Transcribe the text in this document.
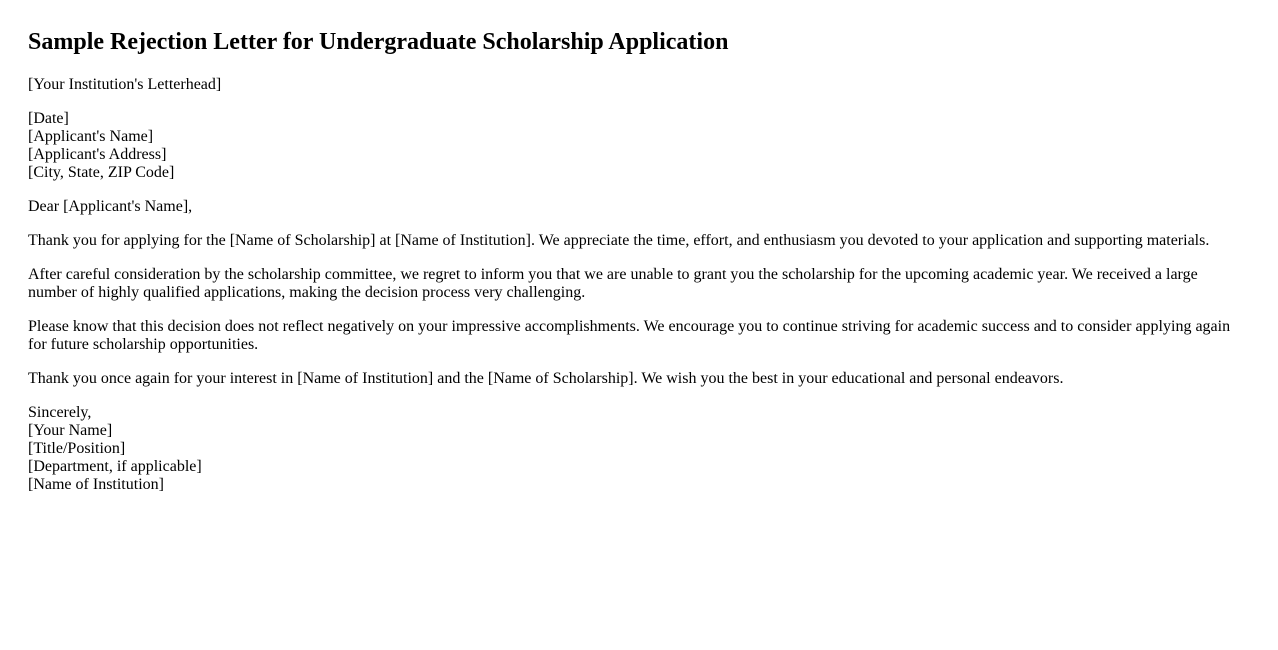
Sample Rejection Letter for Undergraduate Scholarship Application

[Your Institution's Letterhead]

[Date]
[Applicant's Name]
[Applicant's Address]
[City, State, ZIP Code]

Dear [Applicant's Name],

Thank you for applying for the [Name of Scholarship] at [Name of Institution]. We appreciate the time, effort, and enthusiasm you devoted to your application and supporting materials.

After careful consideration by the scholarship committee, we regret to inform you that we are unable to grant you the scholarship for the upcoming academic year. We received a large number of highly qualified applications, making the decision process very challenging.

Please know that this decision does not reflect negatively on your impressive accomplishments. We encourage you to continue striving for academic success and to consider applying again for future scholarship opportunities.

Thank you once again for your interest in [Name of Institution] and the [Name of Scholarship]. We wish you the best in your educational and personal endeavors.

Sincerely,
[Your Name]
[Title/Position]
[Department, if applicable]
[Name of Institution]
